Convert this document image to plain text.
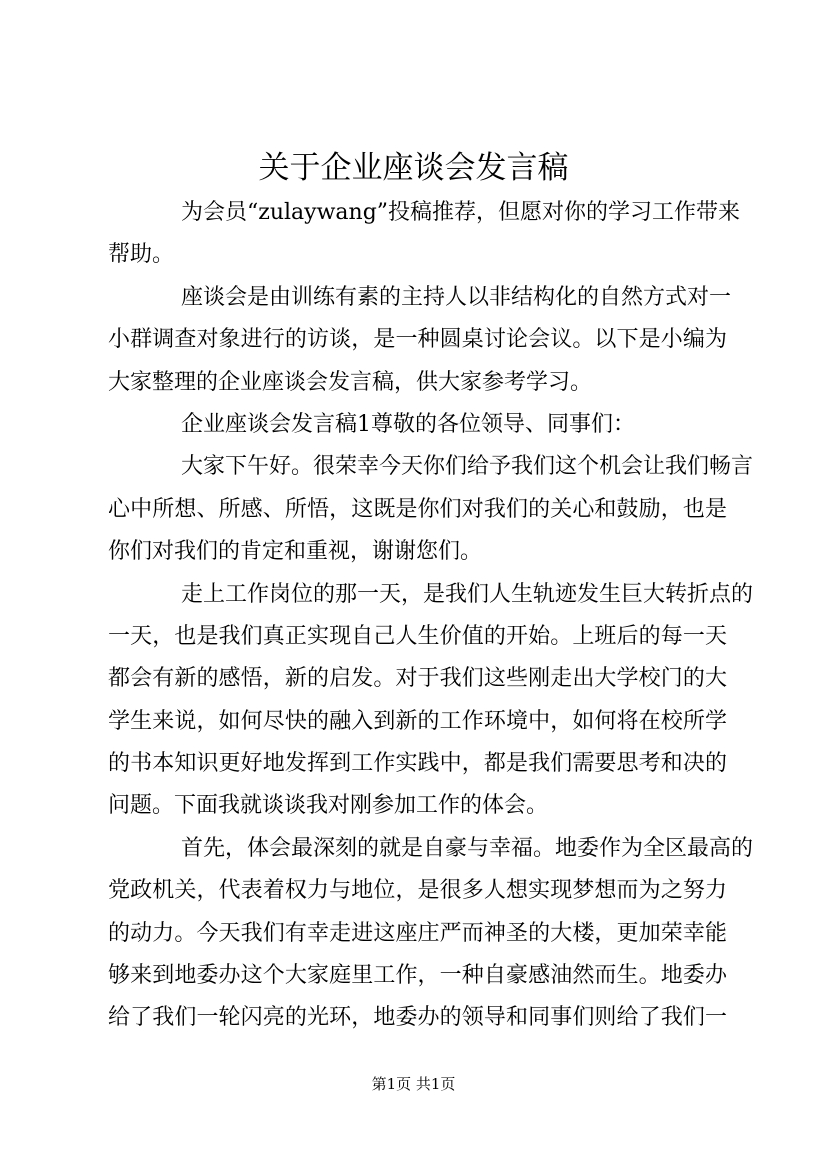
关于企业座谈会发言稿
为会员“zulaywang”投稿推荐，但愿对你的学习工作带来
帮助。
座谈会是由训练有素的主持人以非结构化的自然方式对一
小群调查对象进行的访谈，是一种圆桌讨论会议。以下是小编为
大家整理的企业座谈会发言稿，供大家参考学习。
企业座谈会发言稿1尊敬的各位领导、同事们：
大家下午好。很荣幸今天你们给予我们这个机会让我们畅言
心中所想、所感、所悟，这既是你们对我们的关心和鼓励，也是
你们对我们的肯定和重视，谢谢您们。
走上工作岗位的那一天，是我们人生轨迹发生巨大转折点的
一天，也是我们真正实现自己人生价值的开始。上班后的每一天
都会有新的感悟，新的启发。对于我们这些刚走出大学校门的大
学生来说，如何尽快的融入到新的工作环境中，如何将在校所学
的书本知识更好地发挥到工作实践中，都是我们需要思考和决的
问题。下面我就谈谈我对刚参加工作的体会。
首先，体会最深刻的就是自豪与幸福。地委作为全区最高的
党政机关，代表着权力与地位，是很多人想实现梦想而为之努力
的动力。今天我们有幸走进这座庄严而神圣的大楼，更加荣幸能
够来到地委办这个大家庭里工作，一种自豪感油然而生。地委办
给了我们一轮闪亮的光环，地委办的领导和同事们则给了我们一
第1页 共1页
